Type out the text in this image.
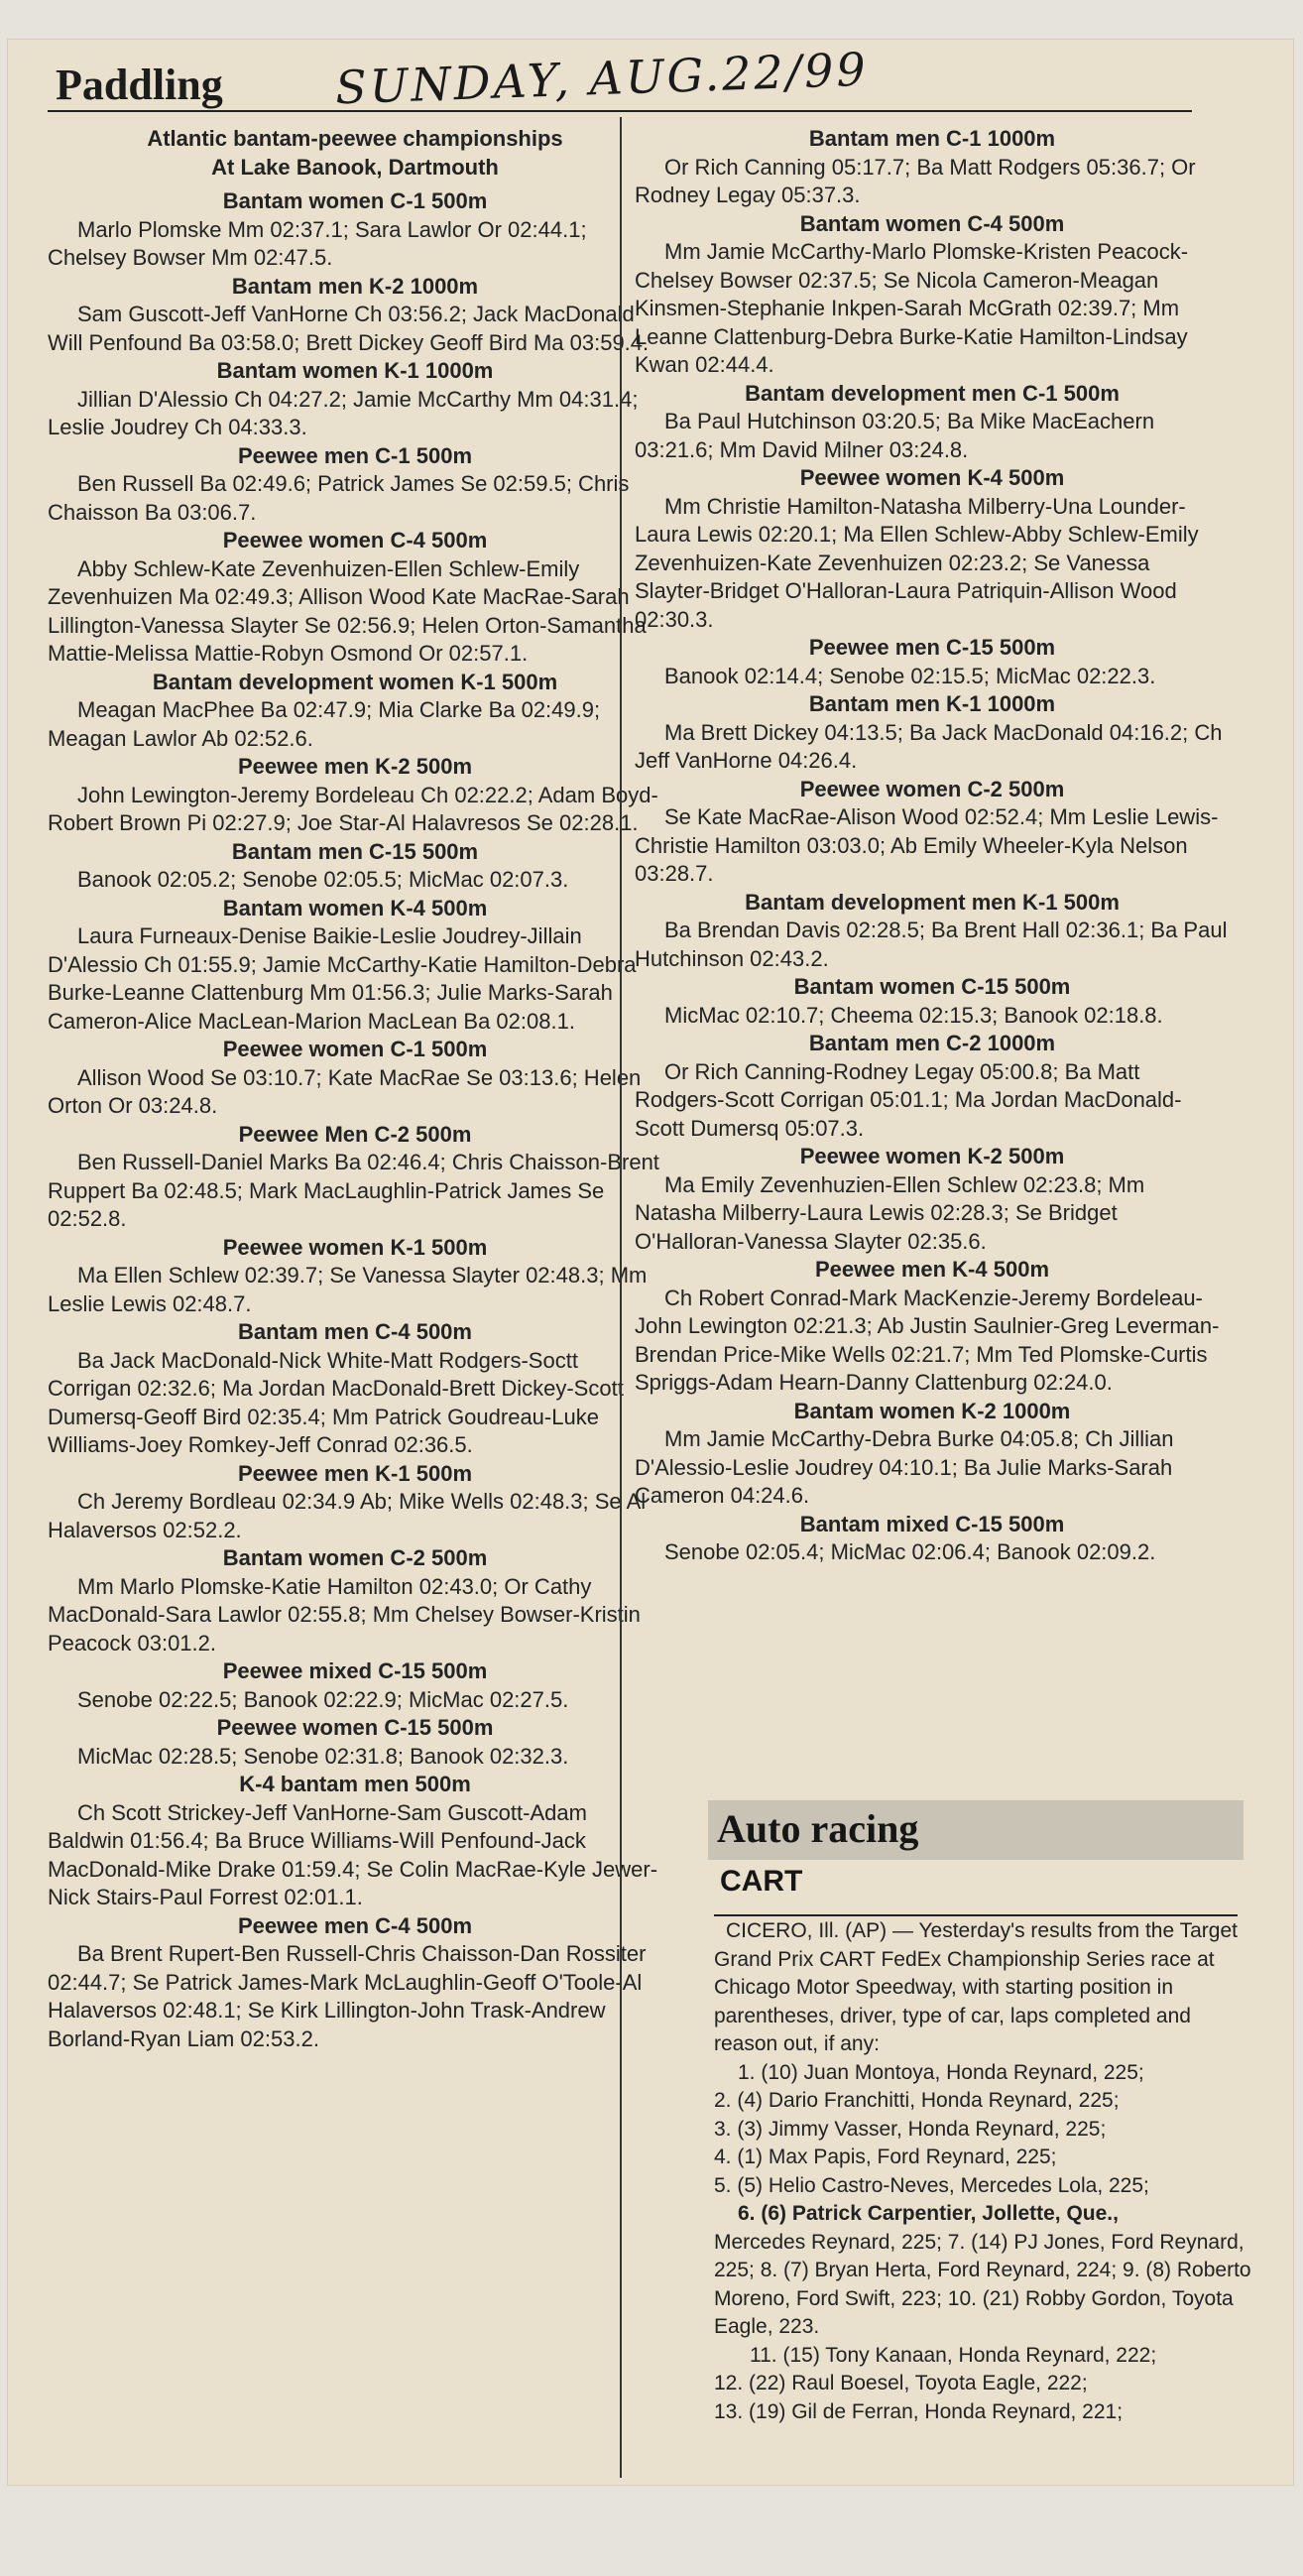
Paddling SUNDAY, AUG.22/99
Atlantic bantam-peewee championships
At Lake Banook, Dartmouth
Bantam women C-1 500m
Marlo Plomske Mm 02:37.1; Sara Lawlor Or 02:44.1; Chelsey Bowser Mm 02:47.5.
Bantam men K-2 1000m
Sam Guscott-Jeff VanHorne Ch 03:56.2; Jack MacDonald Will Penfound Ba 03:58.0; Brett Dickey Geoff Bird Ma 03:59.4.
Bantam women K-1 1000m
Jillian D'Alessio Ch 04:27.2; Jamie McCarthy Mm 04:31.4; Leslie Joudrey Ch 04:33.3.
Peewee men C-1 500m
Ben Russell Ba 02:49.6; Patrick James Se 02:59.5; Chris Chaisson Ba 03:06.7.
Peewee women C-4 500m
Abby Schlew-Kate Zevenhuizen-Ellen Schlew-Emily Zevenhuizen Ma 02:49.3; Allison Wood Kate MacRae-Sarah Lillington-Vanessa Slayter Se 02:56.9; Helen Orton-Samantha Mattie-Melissa Mattie-Robyn Osmond Or 02:57.1.
Bantam development women K-1 500m
Meagan MacPhee Ba 02:47.9; Mia Clarke Ba 02:49.9; Meagan Lawlor Ab 02:52.6.
Peewee men K-2 500m
John Lewington-Jeremy Bordeleau Ch 02:22.2; Adam Boyd-Robert Brown Pi 02:27.9; Joe Star-Al Halavresos Se 02:28.1.
Bantam men C-15 500m
Banook 02:05.2; Senobe 02:05.5; MicMac 02:07.3.
Bantam women K-4 500m
Laura Furneaux-Denise Baikie-Leslie Joudrey-Jillain D'Alessio Ch 01:55.9; Jamie McCarthy-Katie Hamilton-Debra Burke-Leanne Clattenburg Mm 01:56.3; Julie Marks-Sarah Cameron-Alice MacLean-Marion MacLean Ba 02:08.1.
Peewee women C-1 500m
Allison Wood Se 03:10.7; Kate MacRae Se 03:13.6; Helen Orton Or 03:24.8.
Peewee Men C-2 500m
Ben Russell-Daniel Marks Ba 02:46.4; Chris Chaisson-Brent Ruppert Ba 02:48.5; Mark MacLaughlin-Patrick James Se 02:52.8.
Peewee women K-1 500m
Ma Ellen Schlew 02:39.7; Se Vanessa Slayter 02:48.3; Mm Leslie Lewis 02:48.7.
Bantam men C-4 500m
Ba Jack MacDonald-Nick White-Matt Rodgers-Soctt Corrigan 02:32.6; Ma Jordan MacDonald-Brett Dickey-Scott Dumersq-Geoff Bird 02:35.4; Mm Patrick Goudreau-Luke Williams-Joey Romkey-Jeff Conrad 02:36.5.
Peewee men K-1 500m
Ch Jeremy Bordleau 02:34.9 Ab; Mike Wells 02:48.3; Se Al Halaversos 02:52.2.
Bantam women C-2 500m
Mm Marlo Plomske-Katie Hamilton 02:43.0; Or Cathy MacDonald-Sara Lawlor 02:55.8; Mm Chelsey Bowser-Kristin Peacock 03:01.2.
Peewee mixed C-15 500m
Senobe 02:22.5; Banook 02:22.9; MicMac 02:27.5.
Peewee women C-15 500m
MicMac 02:28.5; Senobe 02:31.8; Banook 02:32.3.
K-4 bantam men 500m
Ch Scott Strickey-Jeff VanHorne-Sam Guscott-Adam Baldwin 01:56.4; Ba Bruce Williams-Will Penfound-Jack MacDonald-Mike Drake 01:59.4; Se Colin MacRae-Kyle Jewer-Nick Stairs-Paul Forrest 02:01.1.
Peewee men C-4 500m
Ba Brent Rupert-Ben Russell-Chris Chaisson-Dan Rossiter 02:44.7; Se Patrick James-Mark McLaughlin-Geoff O'Toole-Al Halaversos 02:48.1; Se Kirk Lillington-John Trask-Andrew Borland-Ryan Liam 02:53.2.
Bantam men C-1 1000m
Or Rich Canning 05:17.7; Ba Matt Rodgers 05:36.7; Or Rodney Legay 05:37.3.
Bantam women C-4 500m
Mm Jamie McCarthy-Marlo Plomske-Kristen Peacock-Chelsey Bowser 02:37.5; Se Nicola Cameron-Meagan Kinsmen-Stephanie Inkpen-Sarah McGrath 02:39.7; Mm Leanne Clattenburg-Debra Burke-Katie Hamilton-Lindsay Kwan 02:44.4.
Bantam development men C-1 500m
Ba Paul Hutchinson 03:20.5; Ba Mike MacEachern 03:21.6; Mm David Milner 03:24.8.
Peewee women K-4 500m
Mm Christie Hamilton-Natasha Milberry-Una Lounder-Laura Lewis 02:20.1; Ma Ellen Schlew-Abby Schlew-Emily Zevenhuizen-Kate Zevenhuizen 02:23.2; Se Vanessa Slayter-Bridget O'Halloran-Laura Patriquin-Allison Wood 02:30.3.
Peewee men C-15 500m
Banook 02:14.4; Senobe 02:15.5; MicMac 02:22.3.
Bantam men K-1 1000m
Ma Brett Dickey 04:13.5; Ba Jack MacDonald 04:16.2; Ch Jeff VanHorne 04:26.4.
Peewee women C-2 500m
Se Kate MacRae-Alison Wood 02:52.4; Mm Leslie Lewis-Christie Hamilton 03:03.0; Ab Emily Wheeler-Kyla Nelson 03:28.7.
Bantam development men K-1 500m
Ba Brendan Davis 02:28.5; Ba Brent Hall 02:36.1; Ba Paul Hutchinson 02:43.2.
Bantam women C-15 500m
MicMac 02:10.7; Cheema 02:15.3; Banook 02:18.8.
Bantam men C-2 1000m
Or Rich Canning-Rodney Legay 05:00.8; Ba Matt Rodgers-Scott Corrigan 05:01.1; Ma Jordan MacDonald-Scott Dumersq 05:07.3.
Peewee women K-2 500m
Ma Emily Zevenhuzien-Ellen Schlew 02:23.8; Mm Natasha Milberry-Laura Lewis 02:28.3; Se Bridget O'Halloran-Vanessa Slayter 02:35.6.
Peewee men K-4 500m
Ch Robert Conrad-Mark MacKenzie-Jeremy Bordeleau-John Lewington 02:21.3; Ab Justin Saulnier-Greg Leverman-Brendan Price-Mike Wells 02:21.7; Mm Ted Plomske-Curtis Spriggs-Adam Hearn-Danny Clattenburg 02:24.0.
Bantam women K-2 1000m
Mm Jamie McCarthy-Debra Burke 04:05.8; Ch Jillian D'Alessio-Leslie Joudrey 04:10.1; Ba Julie Marks-Sarah Cameron 04:24.6.
Bantam mixed C-15 500m
Senobe 02:05.4; MicMac 02:06.4; Banook 02:09.2.
Auto racing
CART
CICERO, Ill. (AP) — Yesterday's results from the Target Grand Prix CART FedEx Championship Series race at Chicago Motor Speedway, with starting position in parentheses, driver, type of car, laps completed and reason out, if any:
1. (10) Juan Montoya, Honda Reynard, 225;
2. (4) Dario Franchitti, Honda Reynard, 225;
3. (3) Jimmy Vasser, Honda Reynard, 225;
4. (1) Max Papis, Ford Reynard, 225;
5. (5) Helio Castro-Neves, Mercedes Lola, 225;
6. (6) Patrick Carpentier, Jollette, Que.,
Mercedes Reynard, 225; 7. (14) PJ Jones, Ford Reynard, 225; 8. (7) Bryan Herta, Ford Reynard, 224; 9. (8) Roberto Moreno, Ford Swift, 223; 10. (21) Robby Gordon, Toyota Eagle, 223.
11. (15) Tony Kanaan, Honda Reynard, 222;
12. (22) Raul Boesel, Toyota Eagle, 222;
13. (19) Gil de Ferran, Honda Reynard, 221;
